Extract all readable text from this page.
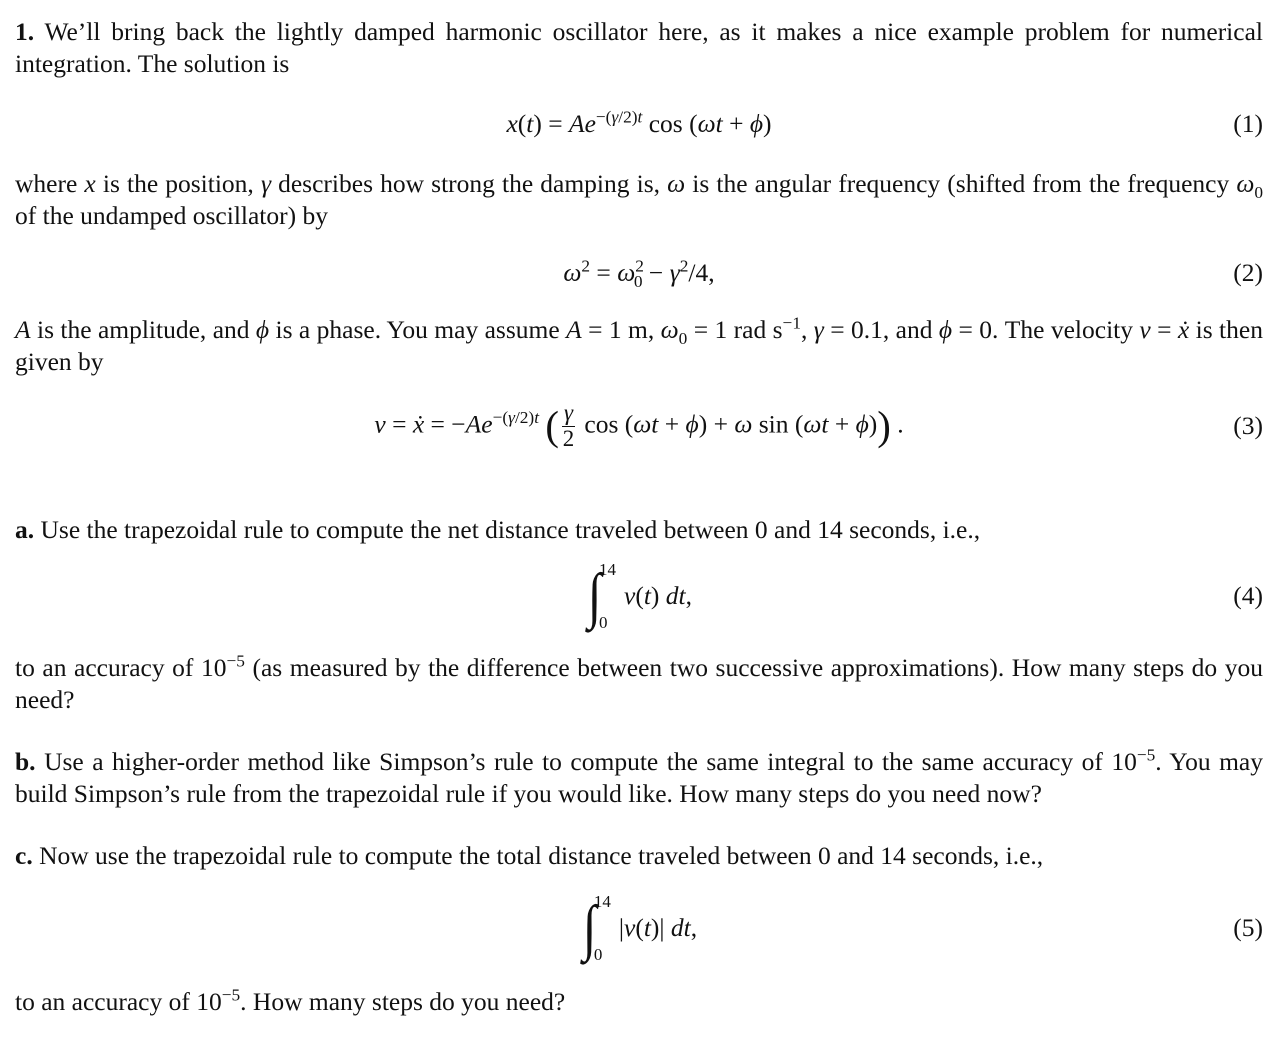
1. We’ll bring back the lightly damped harmonic oscillator here, as it makes a nice example problem for numerical integration. The solution is
$x(t) = Ae^{-(\gamma/2)t}$ cos (ωt + ϕ)	(1)
where x is the position, γ describes how strong the damping is, ω is the angular frequency (shifted from the frequency $\omega_0$ of the undamped oscillator) by
$\omega^2 = \omega^2_0 - \gamma^2/4$,	(2)
A is the amplitude, and ϕ is a phase. You may assume A = 1 m, $\omega_0 = 1$ rad $s^{-1}$, γ = 0.1, and ϕ = 0. The velocity v = ẋ is then given by
v = ẋ = $-Ae^{-(\gamma/2)t}$ ( $\frac{\gamma}{2}$ cos (ωt + ϕ) + ω sin (ωt + ϕ)) .	(3)
a. Use the trapezoidal rule to compute the net distance traveled between 0 and 14 seconds, i.e.,
∫
14
0
v(t) dt,	(4)
to an accuracy of $10^{-5}$ (as measured by the difference between two successive approximations). How many steps do you need?
b. Use a higher-order method like Simpson’s rule to compute the same integral to the same accuracy of $10^{-5}$. You may build Simpson’s rule from the trapezoidal rule if you would like. How many steps do you need now?
c. Now use the trapezoidal rule to compute the total distance traveled between 0 and 14 seconds, i.e.,
∫
14
0
|v(t)| dt,	(5)
to an accuracy of $10^{-5}$. How many steps do you need?
